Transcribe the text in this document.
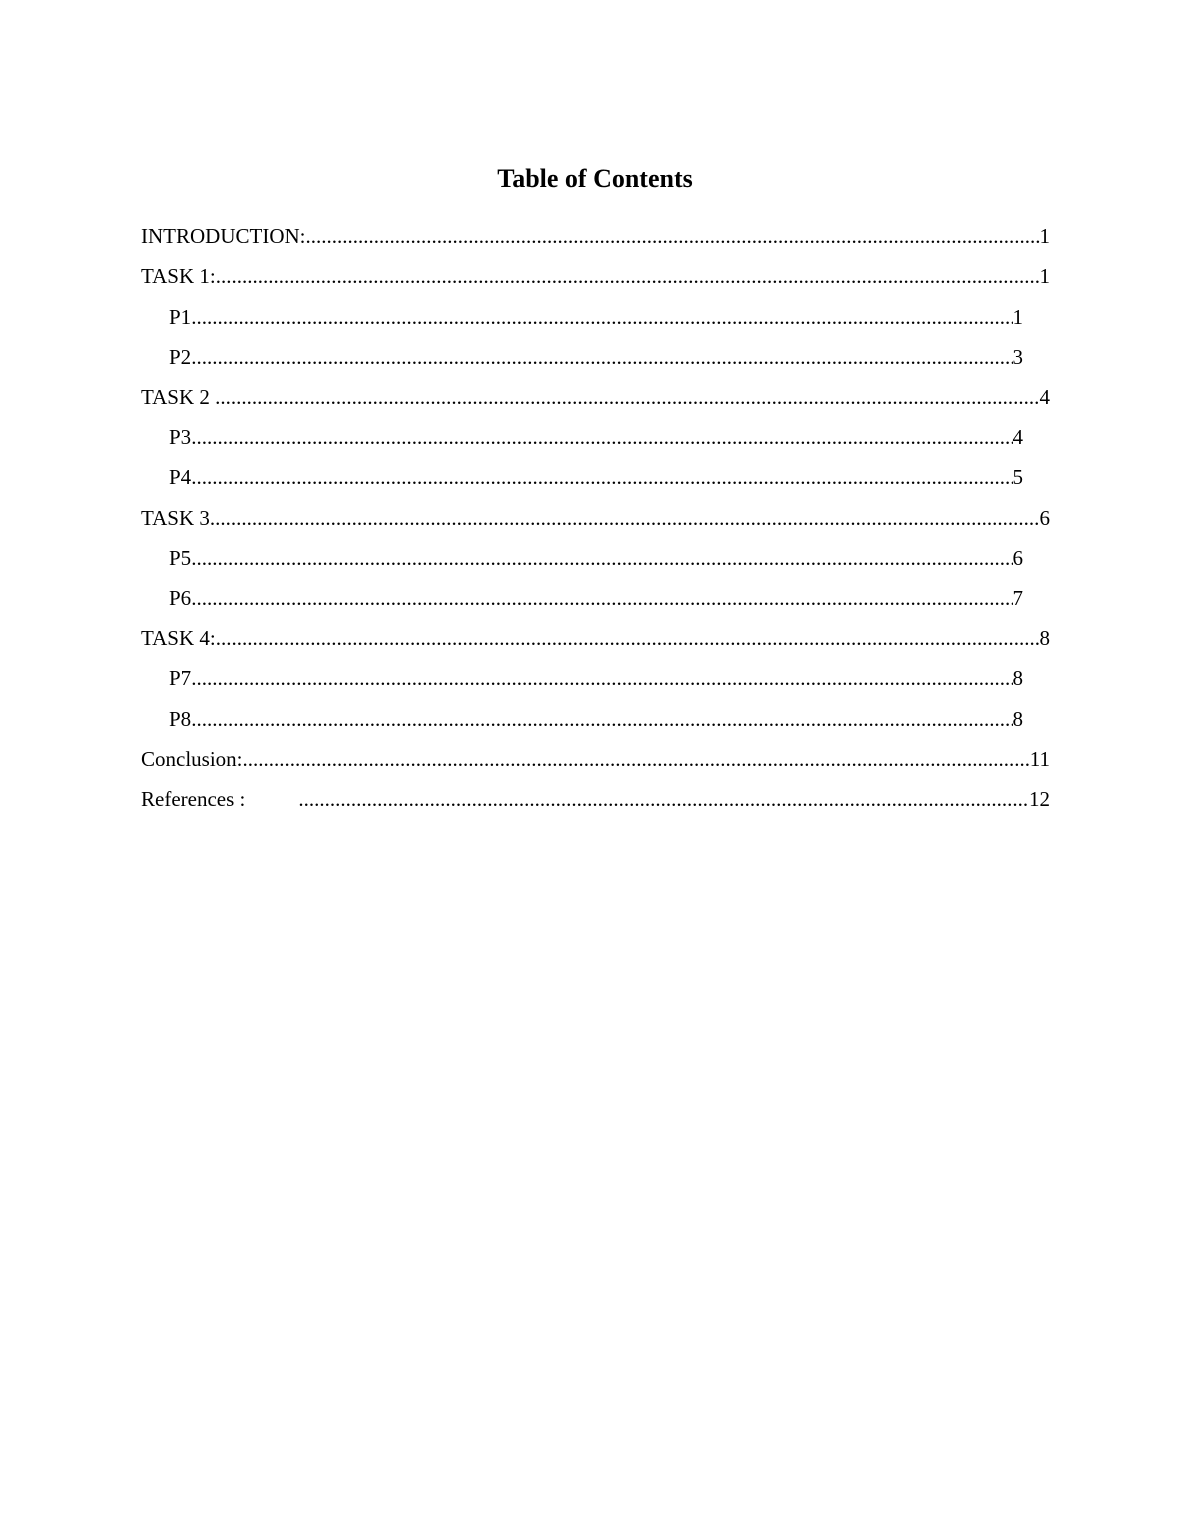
Table of Contents
INTRODUCTION: .....	1
TASK 1: .....	1
P1 .....	1
P2 .....	3
TASK 2 .....	4
P3 .....	4
P4 .....	5
TASK 3 .....	6
P5 .....	6
P6 .....	7
TASK 4: .....	8
P7 .....	8
P8 .....	8
Conclusion: .....	11
References : .....	12
